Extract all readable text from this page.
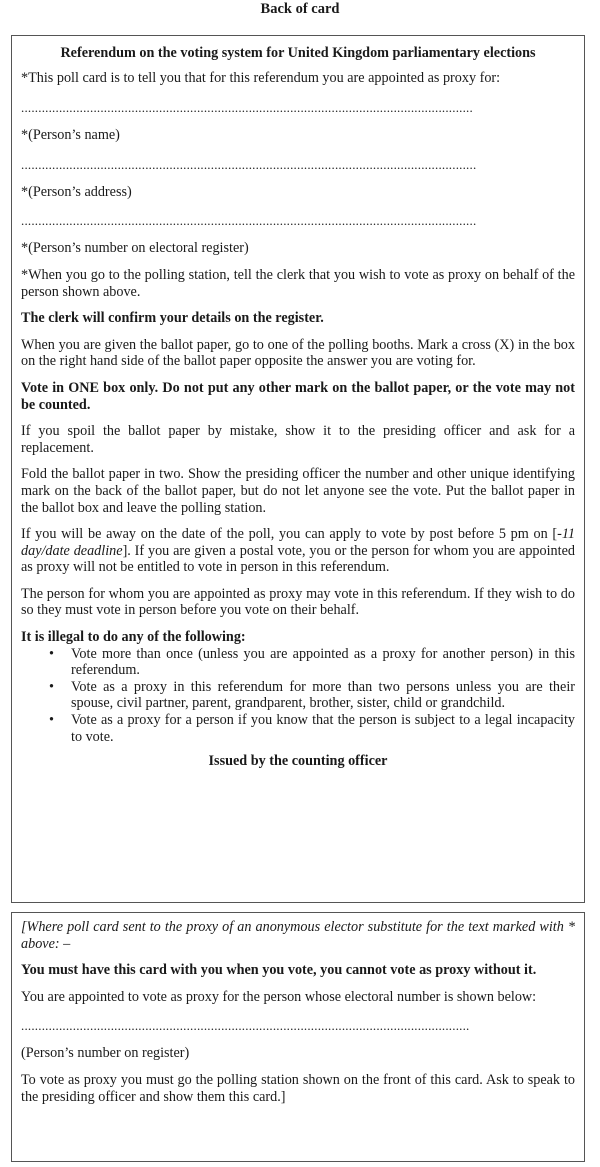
Back of card

Referendum on the voting system for United Kingdom parliamentary elections

*This poll card is to tell you that for this referendum you are appointed as proxy for:

...................................................................................................................................

*(Person’s name)

....................................................................................................................................

*(Person’s address)

....................................................................................................................................

*(Person’s number on electoral register)

*When you go to the polling station, tell the clerk that you wish to vote as proxy on behalf of the person shown above.

The clerk will confirm your details on the register.

When you are given the ballot paper, go to one of the polling booths. Mark a cross (X) in the box on the right hand side of the ballot paper opposite the answer you are voting for.

Vote in ONE box only. Do not put any other mark on the ballot paper, or the vote may not be counted.

If you spoil the ballot paper by mistake, show it to the presiding officer and ask for a replacement.

Fold the ballot paper in two. Show the presiding officer the number and other unique identifying mark on the back of the ballot paper, but do not let anyone see the vote. Put the ballot paper in the ballot box and leave the polling station.

If you will be away on the date of the poll, you can apply to vote by post before 5 pm on [-11 day/date deadline]. If you are given a postal vote, you or the person for whom you are appointed as proxy will not be entitled to vote in person in this referendum.

The person for whom you are appointed as proxy may vote in this referendum. If they wish to do so they must vote in person before you vote on their behalf.

It is illegal to do any of the following:

• Vote more than once (unless you are appointed as a proxy for another person) in this referendum.
• Vote as a proxy in this referendum for more than two persons unless you are their spouse, civil partner, parent, grandparent, brother, sister, child or grandchild.
• Vote as a proxy for a person if you know that the person is subject to a legal incapacity to vote.

Issued by the counting officer

[Where poll card sent to the proxy of an anonymous elector substitute for the text marked with * above: –

You must have this card with you when you vote, you cannot vote as proxy without it.

You are appointed to vote as proxy for the person whose electoral number is shown below:

..................................................................................................................................

(Person’s number on register)

To vote as proxy you must go the polling station shown on the front of this card. Ask to speak to the presiding officer and show them this card.]
